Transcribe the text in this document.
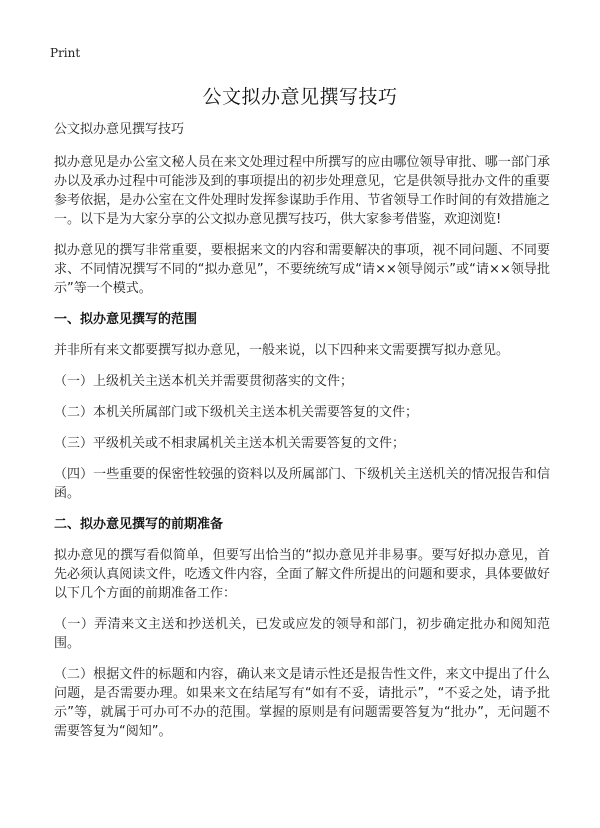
Print
公文拟办意见撰写技巧

公文拟办意见撰写技巧

拟办意见是办公室文秘人员在来文处理过程中所撰写的应由哪位领导审批、哪一部门承办以及承办过程中可能涉及到的事项提出的初步处理意见，它是供领导批办文件的重要参考依据，是办公室在文件处理时发挥参谋助手作用、节省领导工作时间的有效措施之一。以下是为大家分享的公文拟办意见撰写技巧，供大家参考借鉴，欢迎浏览!

拟办意见的撰写非常重要，要根据来文的内容和需要解决的事项，视不同问题、不同要求、不同情况撰写不同的“拟办意见”，不要统统写成“请××领导阅示”或“请××领导批示”等一个模式。

一、拟办意见撰写的范围

并非所有来文都要撰写拟办意见，一般来说，以下四种来文需要撰写拟办意见。

（一）上级机关主送本机关并需要贯彻落实的文件；

（二）本机关所属部门或下级机关主送本机关需要答复的文件；

（三）平级机关或不相隶属机关主送本机关需要答复的文件；

（四）一些重要的保密性较强的资料以及所属部门、下级机关主送机关的情况报告和信函。

二、拟办意见撰写的前期准备

拟办意见的撰写看似简单，但要写出恰当的“拟办意见并非易事。要写好拟办意见，首先必须认真阅读文件，吃透文件内容，全面了解文件所提出的问题和要求，具体要做好以下几个方面的前期准备工作：

（一）弄清来文主送和抄送机关，已发或应发的领导和部门，初步确定批办和阅知范围。

（二）根据文件的标题和内容，确认来文是请示性还是报告性文件，来文中提出了什么问题，是否需要办理。如果来文在结尾写有“如有不妥，请批示”，“不妥之处，请予批示”等，就属于可办可不办的范围。掌握的原则是有问题需要答复为“批办”，无问题不需要答复为“阅知”。
